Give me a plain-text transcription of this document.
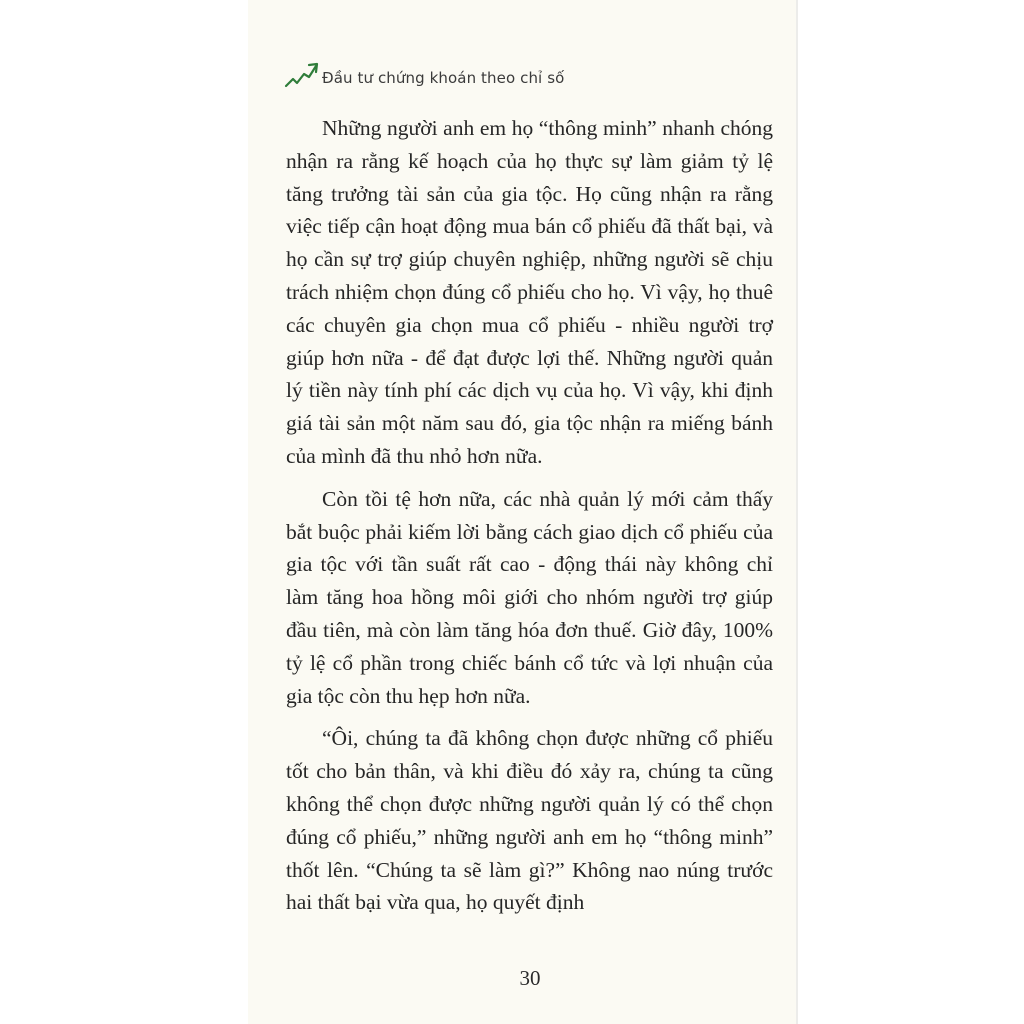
Đầu tư chứng khoán theo chỉ số

Những người anh em họ “thông minh” nhanh chóng nhận ra rằng kế hoạch của họ thực sự làm giảm tỷ lệ tăng trưởng tài sản của gia tộc. Họ cũng nhận ra rằng việc tiếp cận hoạt động mua bán cổ phiếu đã thất bại, và họ cần sự trợ giúp chuyên nghiệp, những người sẽ chịu trách nhiệm chọn đúng cổ phiếu cho họ. Vì vậy, họ thuê các chuyên gia chọn mua cổ phiếu - nhiều người trợ giúp hơn nữa - để đạt được lợi thế. Những người quản lý tiền này tính phí các dịch vụ của họ. Vì vậy, khi định giá tài sản một năm sau đó, gia tộc nhận ra miếng bánh của mình đã thu nhỏ hơn nữa.

Còn tồi tệ hơn nữa, các nhà quản lý mới cảm thấy bắt buộc phải kiếm lời bằng cách giao dịch cổ phiếu của gia tộc với tần suất rất cao - động thái này không chỉ làm tăng hoa hồng môi giới cho nhóm người trợ giúp đầu tiên, mà còn làm tăng hóa đơn thuế. Giờ đây, 100% tỷ lệ cổ phần trong chiếc bánh cổ tức và lợi nhuận của gia tộc còn thu hẹp hơn nữa.

“Ôi, chúng ta đã không chọn được những cổ phiếu tốt cho bản thân, và khi điều đó xảy ra, chúng ta cũng không thể chọn được những người quản lý có thể chọn đúng cổ phiếu,” những người anh em họ “thông minh” thốt lên. “Chúng ta sẽ làm gì?” Không nao núng trước hai thất bại vừa qua, họ quyết định

30
